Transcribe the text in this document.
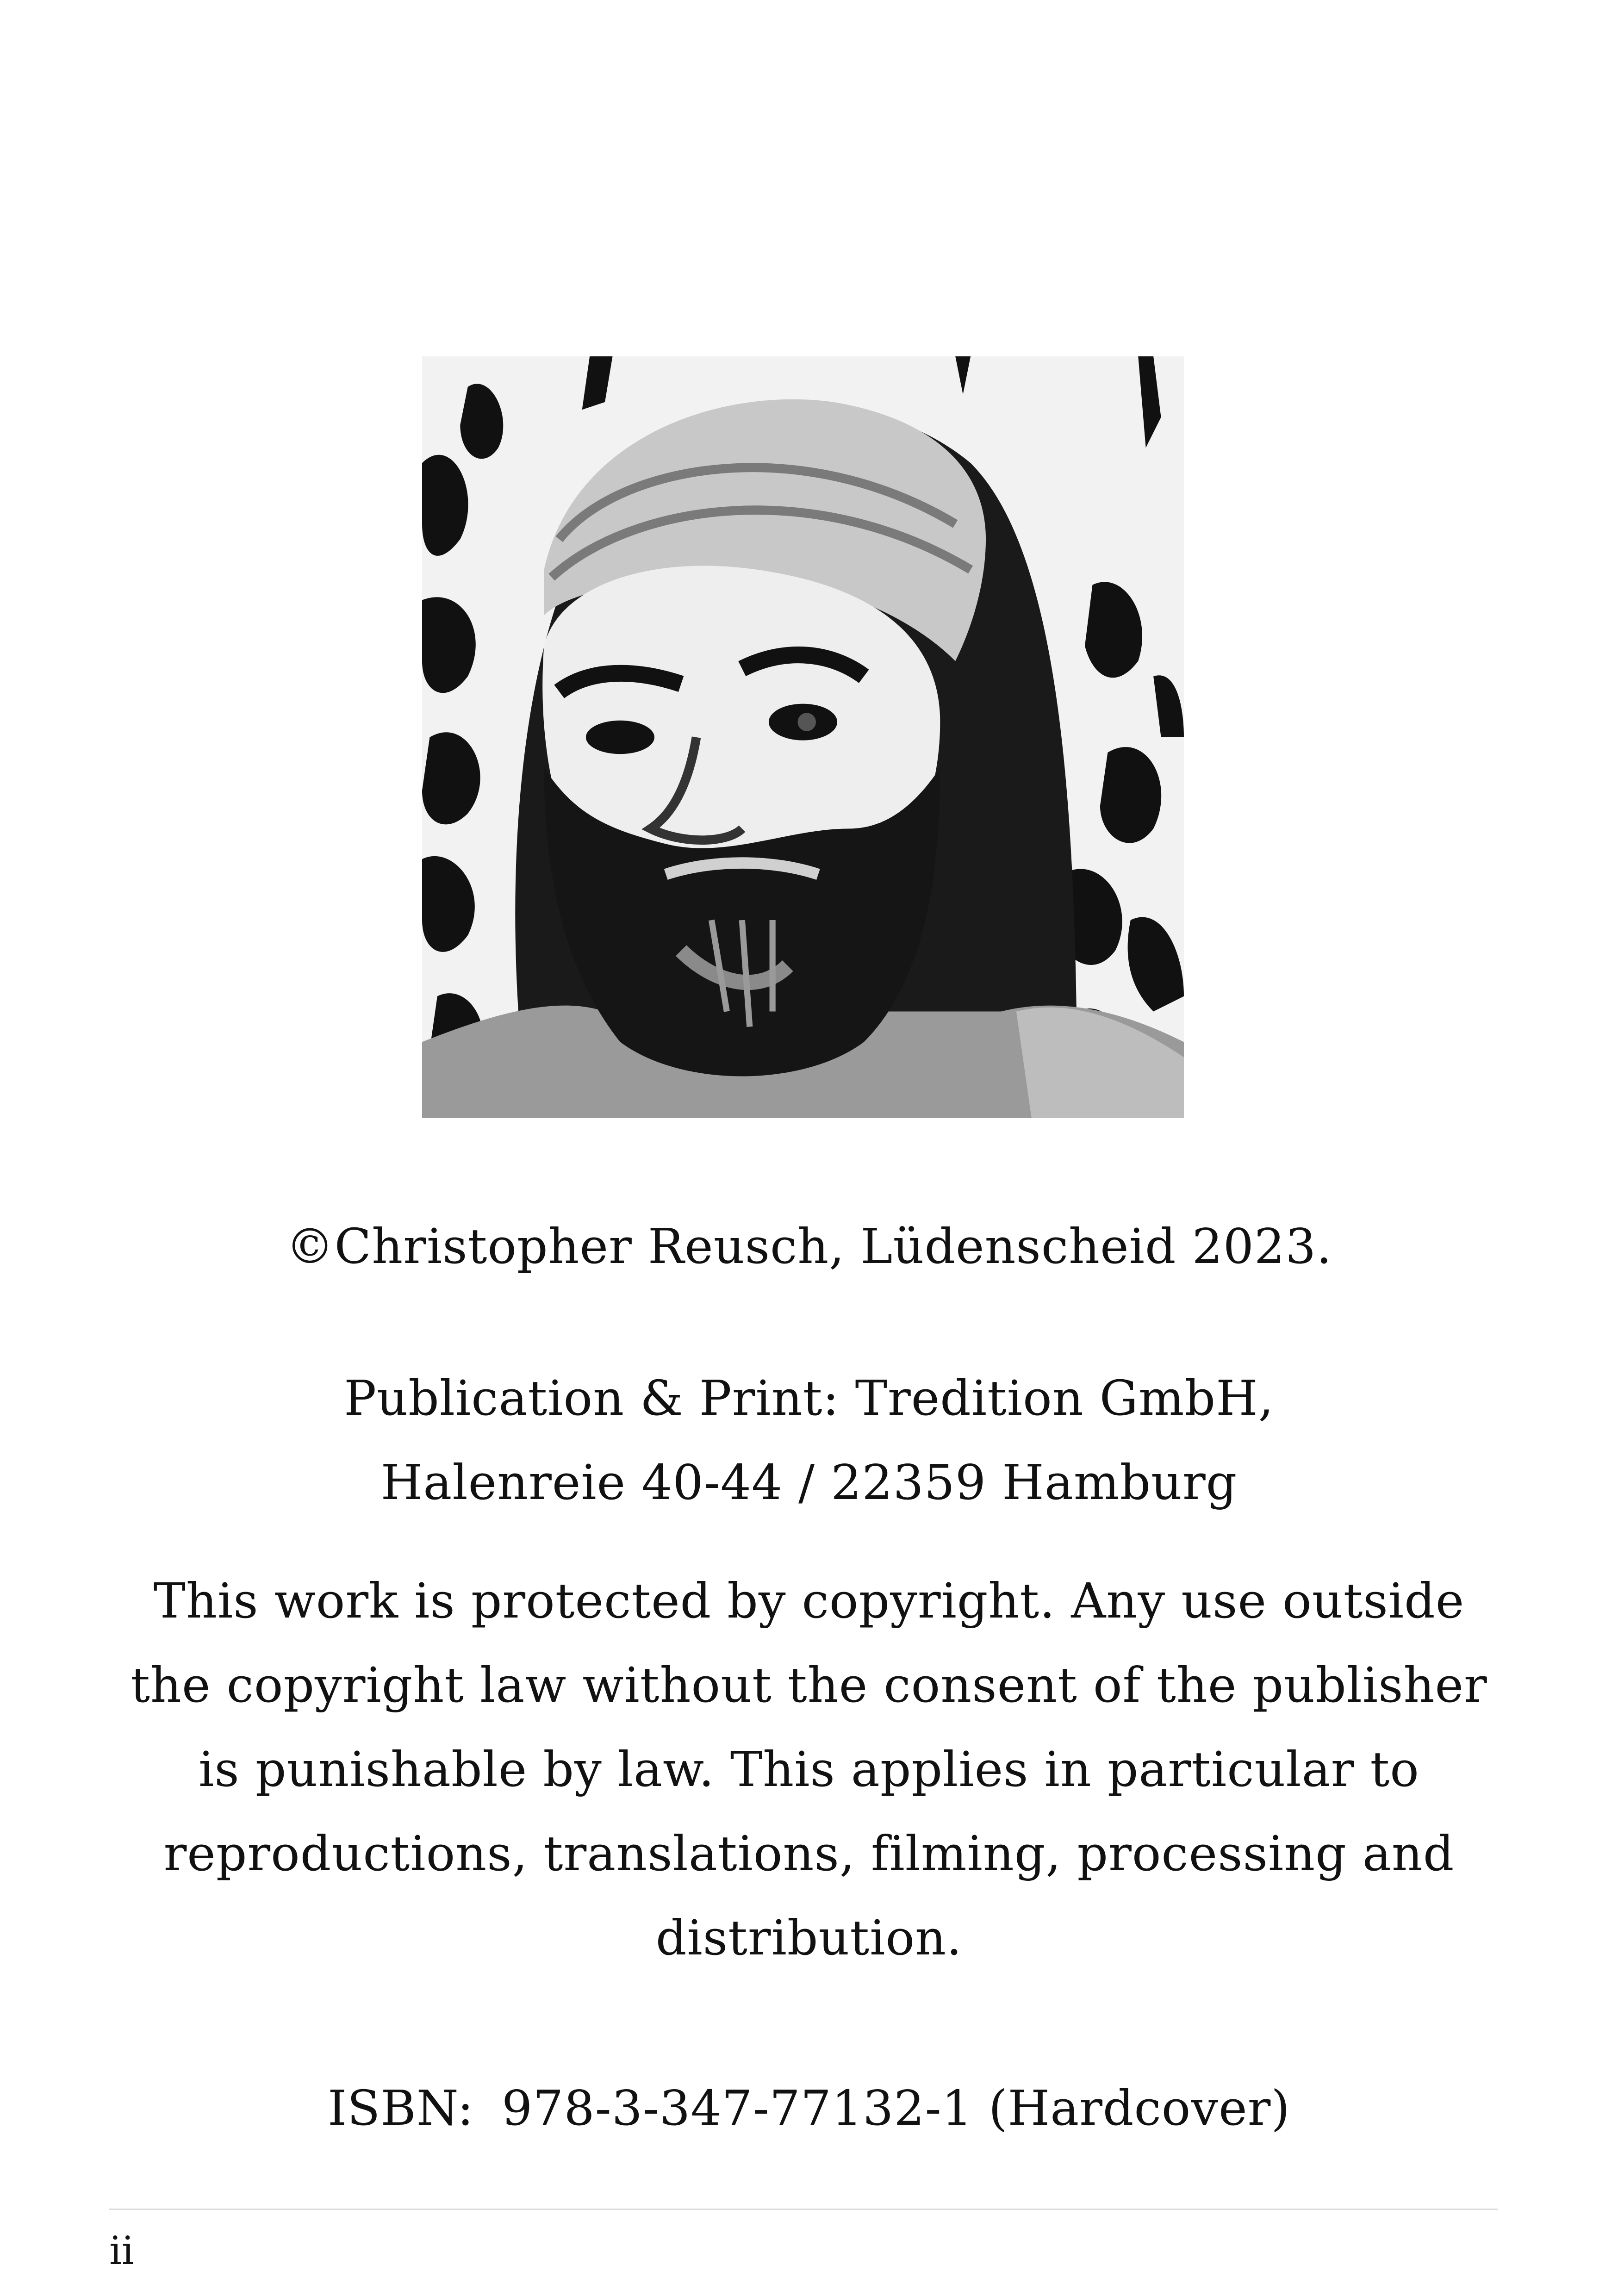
©Christopher Reusch, Lüdenscheid 2023.
Publication & Print: Tredition GmbH,
Halenreie 40-44 / 22359 Hamburg
This work is protected by copyright. Any use outside
the copyright law without the consent of the publisher
is punishable by law. This applies in particular to
reproductions, translations, filming, processing and
distribution.
ISBN: 978-3-347-77132-1 (Hardcover)
ii
